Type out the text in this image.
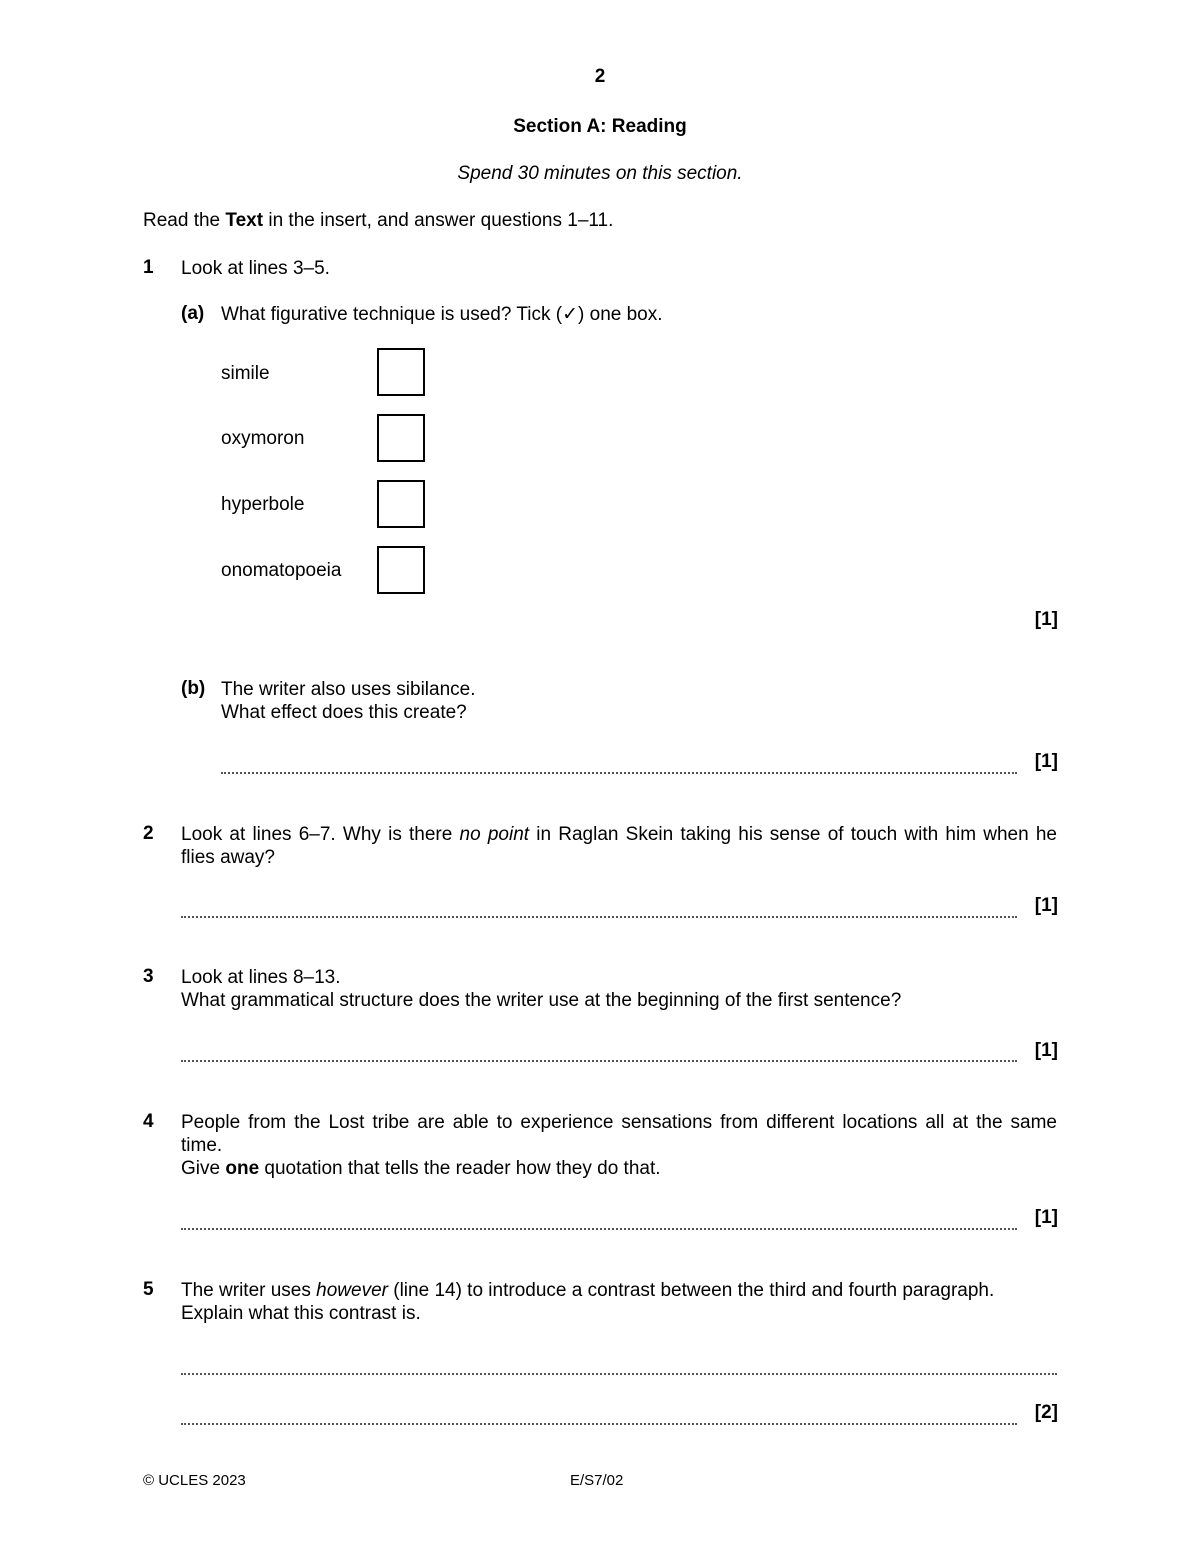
2
Section A: Reading
Spend 30 minutes on this section.
Read the Text in the insert, and answer questions 1–11.
1 Look at lines 3–5.
(a) What figurative technique is used? Tick (✓) one box.
simile
oxymoron
hyperbole
onomatopoeia
[1]
(b) The writer also uses sibilance.
What effect does this create?
[1]
2 Look at lines 6–7. Why is there no point in Raglan Skein taking his sense of touch with him when he flies away?
[1]
3 Look at lines 8–13.
What grammatical structure does the writer use at the beginning of the first sentence?
[1]
4 People from the Lost tribe are able to experience sensations from different locations all at the same time.
Give one quotation that tells the reader how they do that.
[1]
5 The writer uses however (line 14) to introduce a contrast between the third and fourth paragraph.
Explain what this contrast is.
[2]
© UCLES 2023	E/S7/02
